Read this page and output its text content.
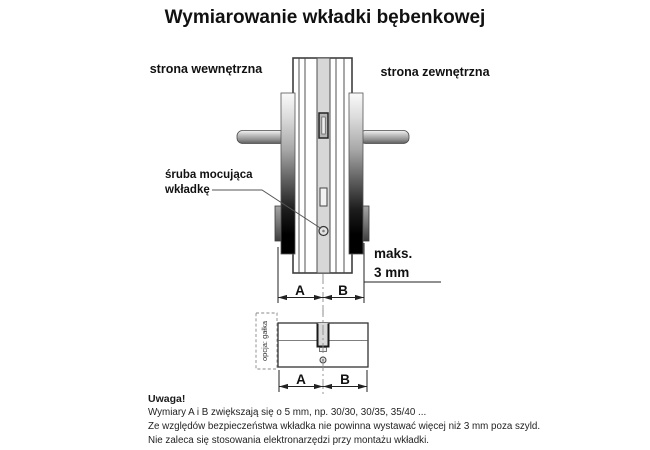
Wymiarowanie wkładki bębenkowej
strona wewnętrzna	strona zewnętrzna
śruba mocująca
wkładkę
maks.
3 mm
A B
opcja: gałka
A	B
Uwaga!
Wymiary A i B zwiększają się o 5 mm, np. 30/30, 30/35, 35/40 ...
Ze względów bezpieczeństwa wkładka nie powinna wystawać więcej niż 3 mm poza szyld.
Nie zaleca się stosowania elektronarzędzi przy montażu wkładki.
